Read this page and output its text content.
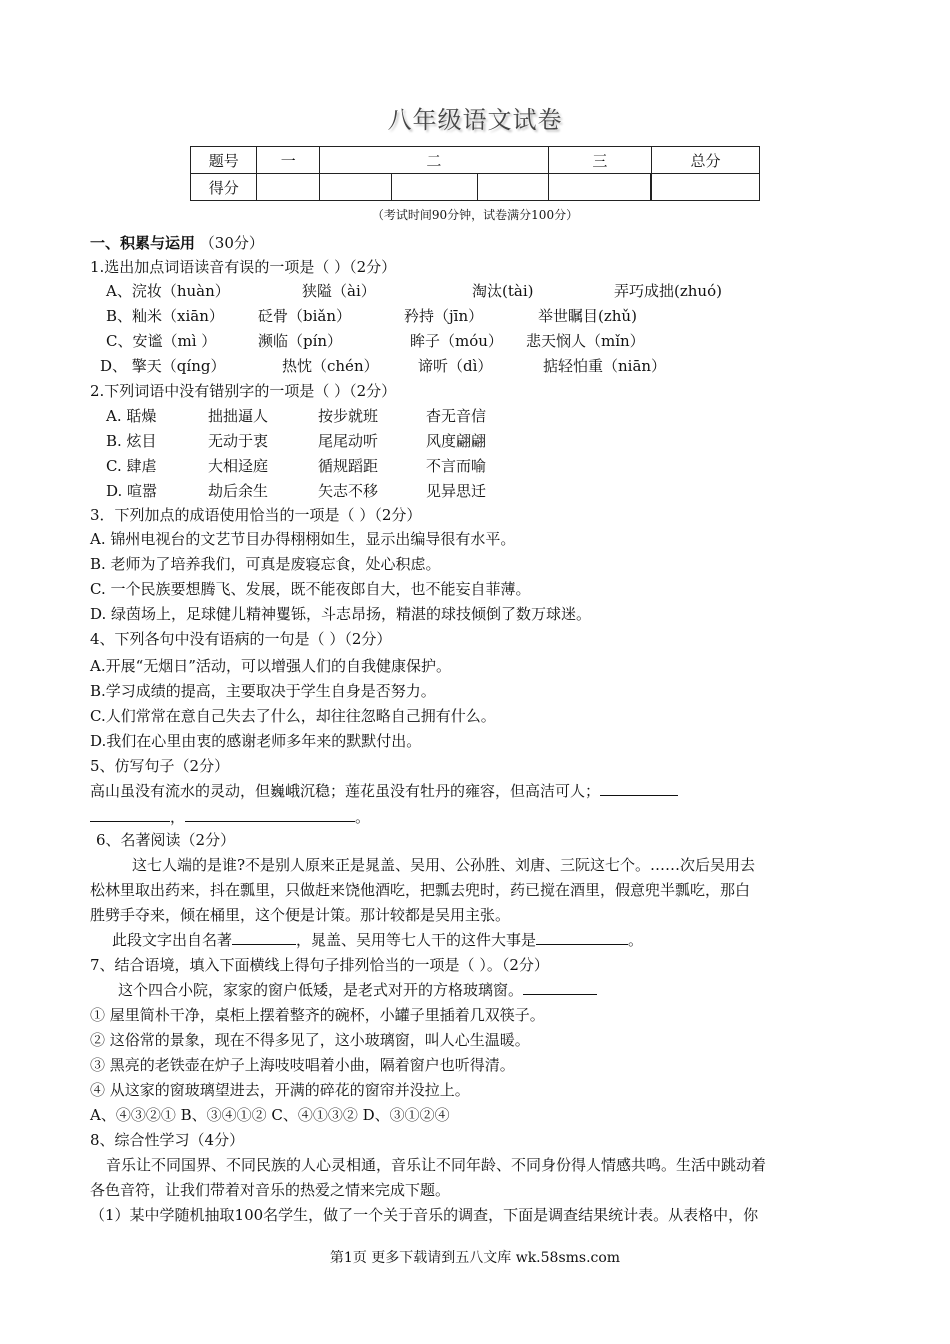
八年级语文试卷
题号	一	二			三	总分
得分							
（考试时间90分钟，试卷满分100分）
一、积累与运用 （30分）
1.选出加点词语读音有误的一项是（ ）（2分）
A、浣妆（huàn）	狭隘（ài）	淘汰(tài)	弄巧成拙(zhuó)
B、籼米（xiān） 砭骨（biǎn）	矜持（jīn）	举世瞩目(zhǔ)
C、安谧（mì ）	濒临（pín）	眸子（móu） 悲天悯人（mǐn）
D、 擎天（qíng）	热忱（chén）	谛听（dì）	掂轻怕重（niān）
2.下列词语中没有错别字的一项是（ ）（2分）
A. 聒燥	拙拙逼人	按步就班	杳无音信
B. 炫目	无动于衷	尾尾动听	风度翩翩
C. 肆虐	大相迳庭	循规蹈距	不言而喻
D. 喧嚣	劫后余生	矢志不移	见异思迁
3．下列加点的成语使用恰当的一项是（ ）（2分）
A. 锦州电视台的文艺节目办得栩栩如生，显示出编导很有水平。
B. 老师为了培养我们，可真是废寝忘食，处心积虑。
C. 一个民族要想腾飞、发展，既不能夜郎自大，也不能妄自菲薄。
D. 绿茵场上，足球健儿精神矍铄，斗志昂扬，精湛的球技倾倒了数万球迷。
4、下列各句中没有语病的一句是（ ）（2分）
A.开展“无烟日”活动，可以增强人们的自我健康保护。
B.学习成绩的提高，主要取决于学生自身是否努力。
C.人们常常在意自己失去了什么，却往往忽略自己拥有什么。
D.我们在心里由衷的感谢老师多年来的默默付出。
5、仿写句子（2分）
高山虽没有流水的灵动，但巍峨沉稳；莲花虽没有牡丹的雍容，但高洁可人；
，	。
6、名著阅读（2分）
这七人端的是谁?不是别人原来正是晁盖、吴用、公孙胜、刘唐、三阮这七个。……次后吴用去
松林里取出药来，抖在瓢里，只做赶来饶他酒吃，把瓢去兜时，药已搅在酒里，假意兜半瓢吃，那白
胜劈手夺来，倾在桶里，这个便是计策。那计较都是吴用主张。
此段文字出自名著	，晁盖、吴用等七人干的这件大事是	。
7、结合语境，填入下面横线上得句子排列恰当的一项是（ ）。（2分）
这个四合小院，家家的窗户低矮，是老式对开的方格玻璃窗。
① 屋里简朴干净，桌柜上摆着整齐的碗杯，小罐子里插着几双筷子。
② 这俗常的景象，现在不得多见了，这小玻璃窗，叫人心生温暖。
③ 黑亮的老铁壶在炉子上海吱吱唱着小曲，隔着窗户也听得清。
④ 从这家的窗玻璃望进去，开满的碎花的窗帘并没拉上。
A、④③②① B、③④①② C、④①③② D、③①②④
8、综合性学习（4分）
音乐让不同国界、不同民族的人心灵相通，音乐让不同年龄、不同身份得人情感共鸣。生活中跳动着
各色音符，让我们带着对音乐的热爱之情来完成下题。
（1）某中学随机抽取100名学生，做了一个关于音乐的调查，下面是调查结果统计表。从表格中，你
第1页 更多下载请到五八文库 wk.58sms.com
